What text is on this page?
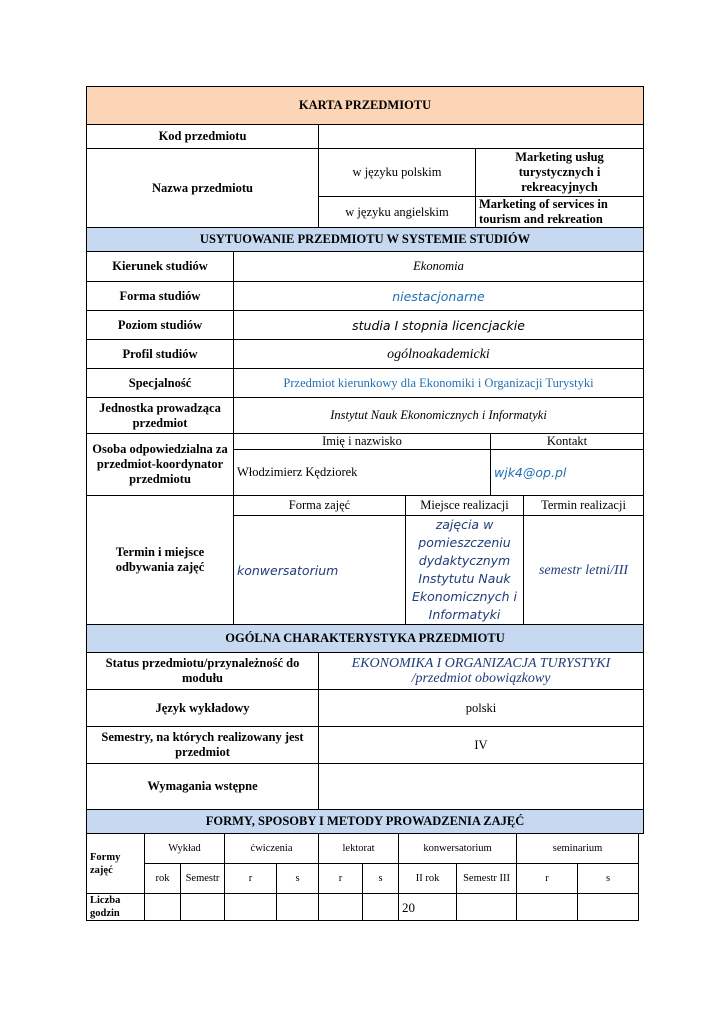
KARTA PRZEDMIOTU		
Kod przedmiotu		
Nazwa przedmiotu	w języku polskim	Marketing usług turystycznych i rekreacyjnych
	w języku angielskim	Marketing of services in tourism and rekreation
USYTUOWANIE PRZEDMIOTU W SYSTEMIE STUDIÓW		
Kierunek studiów	Ekonomia			
Forma studiów	niestacjonarne			
Poziom studiów	studia I stopnia licencjackie			
Profil studiów	ogólnoakademicki			
Specjalność	Przedmiot kierunkowy dla Ekonomiki i Organizacji Turystyki			
Jednostka prowadząca przedmiot	Instytut Nauk Ekonomicznych i Informatyki			
Osoba odpowiedzialna za przedmiot-koordynator przedmiotu	Imię i nazwisko		Kontakt	
	Włodzimierz Kędziorek		wjk4@op.pl	
Termin i miejsce odbywania zajęć	Forma zajęć	Miejsce realizacji		Termin realizacji
	konwersatorium	zajęcia w pomieszczeniu dydaktycznym Instytutu Nauk Ekonomicznych i Informatyki		semestr letni/III
OGÓLNA CHARAKTERYSTYKA PRZEDMIOTU	
Status przedmiotu/przynależność do modułu	EKONOMIKA I ORGANIZACJA TURYSTYKI
/przedmiot obowiązkowy

Język wykładowy	polski
Semestry, na których realizowany jest przedmiot	IV
Wymagania wstępne	
FORMY, SPOSOBY I METODY PROWADZENIA ZAJĘĆ	
Formy zajęć	Wykład		ćwiczenia		lektorat		konwersatorium		seminarium	
	rok	Semestr	r	s	r	s	II rok	Semestr III	r	s
Liczba godzin							20			
